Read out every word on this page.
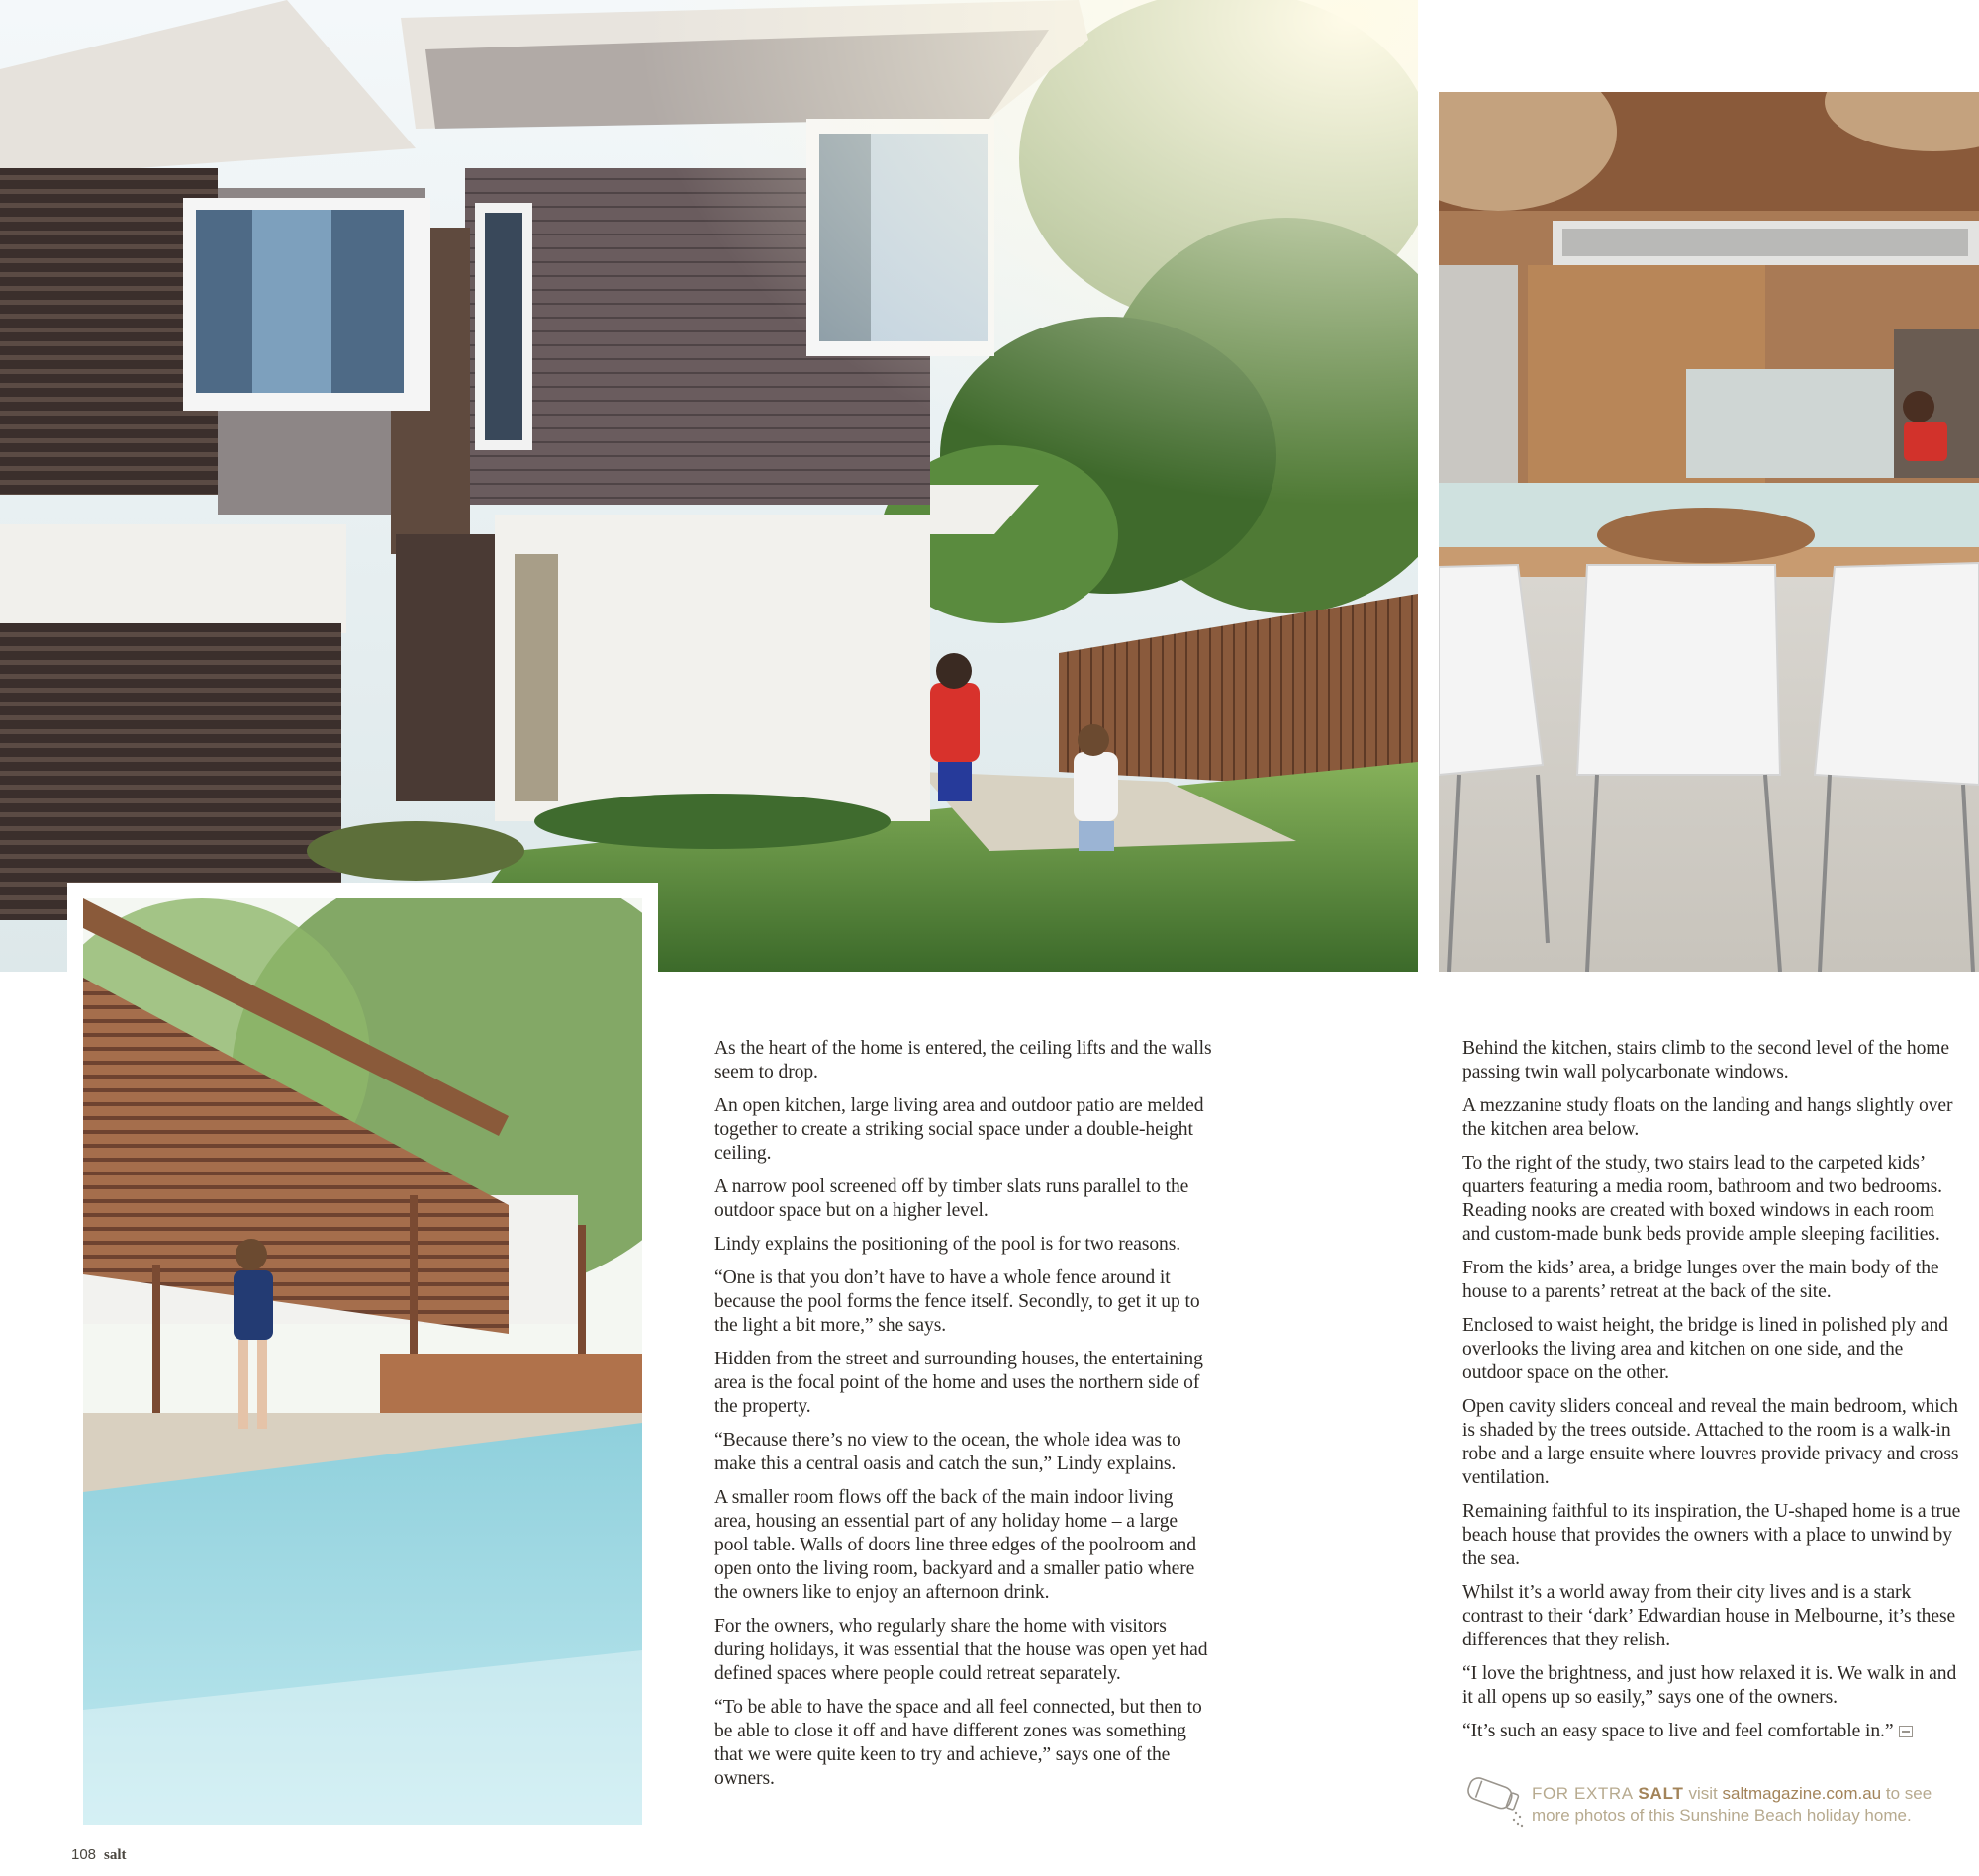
As the heart of the home is entered, the ceiling lifts and the walls seem to drop.

An open kitchen, large living area and outdoor patio are melded together to create a striking social space under a double-height ceiling.

A narrow pool screened off by timber slats runs parallel to the outdoor space but on a higher level.

Lindy explains the positioning of the pool is for two reasons.

“One is that you don’t have to have a whole fence around it because the pool forms the fence itself. Secondly, to get it up to the light a bit more,” she says.

Hidden from the street and surrounding houses, the entertaining area is the focal point of the home and uses the northern side of the property.

“Because there’s no view to the ocean, the whole idea was to make this a central oasis and catch the sun,” Lindy explains.

A smaller room flows off the back of the main indoor living area, housing an essential part of any holiday home – a large pool table. Walls of doors line three edges of the poolroom and open onto the living room, backyard and a smaller patio where the owners like to enjoy an afternoon drink.

For the owners, who regularly share the home with visitors during holidays, it was essential that the house was open yet had defined spaces where people could retreat separately.

“To be able to have the space and all feel connected, but then to be able to close it off and have different zones was something that we were quite keen to try and achieve,” says one of the owners.

Behind the kitchen, stairs climb to the second level of the home passing twin wall polycarbonate windows.

A mezzanine study floats on the landing and hangs slightly over the kitchen area below.

To the right of the study, two stairs lead to the carpeted kids’ quarters featuring a media room, bathroom and two bedrooms. Reading nooks are created with boxed windows in each room and custom-made bunk beds provide ample sleeping facilities.

From the kids’ area, a bridge lunges over the main body of the house to a parents’ retreat at the back of the site.

Enclosed to waist height, the bridge is lined in polished ply and overlooks the living area and kitchen on one side, and the outdoor space on the other.

Open cavity sliders conceal and reveal the main bedroom, which is shaded by the trees outside. Attached to the room is a walk-in robe and a large ensuite where louvres provide privacy and cross ventilation.

Remaining faithful to its inspiration, the U-shaped home is a true beach house that provides the owners with a place to unwind by the sea.

Whilst it’s a world away from their city lives and is a stark contrast to their ‘dark’ Edwardian house in Melbourne, it’s these differences that they relish.

“I love the brightness, and just how relaxed it is. We walk in and it all opens up so easily,” says one of the owners.

“It’s such an easy space to live and feel comfortable in.”

FOR EXTRA SALT visit saltmagazine.com.au to see more photos of this Sunshine Beach holiday home.
108 salt
